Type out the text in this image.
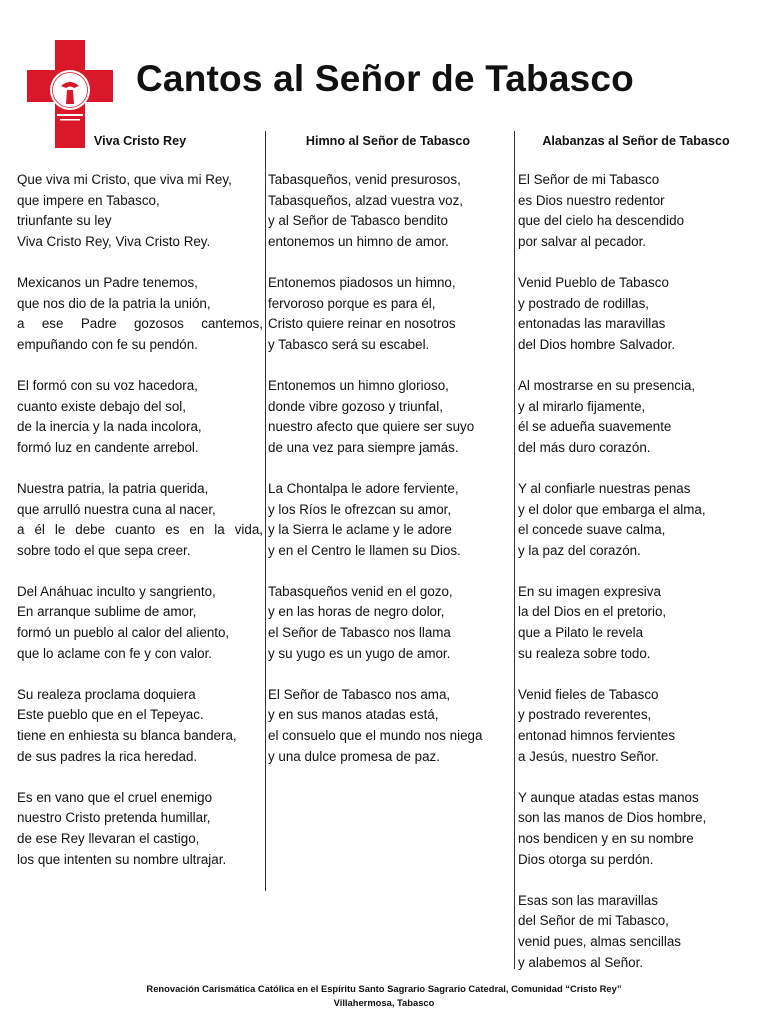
Cantos al Señor de Tabasco
Viva Cristo Rey
Que viva mi Cristo, que viva mi Rey,
que impere en Tabasco,
triunfante su ley
Viva Cristo Rey, Viva Cristo Rey.
Mexicanos un Padre tenemos,
que nos dio de la patria la unión,
a ese Padre gozosos cantemos,
empuñando con fe su pendón.
El formó con su voz hacedora,
cuanto existe debajo del sol,
de la inercia y la nada incolora,
formó luz en candente arrebol.
Nuestra patria, la patria querida,
que arrulló nuestra cuna al nacer,
a él le debe cuanto es en la vida,
sobre todo el que sepa creer.
Del Anáhuac inculto y sangriento,
En arranque sublime de amor,
formó un pueblo al calor del aliento,
que lo aclame con fe y con valor.
Su realeza proclama doquiera
Este pueblo que en el Tepeyac.
tiene en enhiesta su blanca bandera,
de sus padres la rica heredad.
Es en vano que el cruel enemigo
nuestro Cristo pretenda humillar,
de ese Rey llevaran el castigo,
los que intenten su nombre ultrajar.
Himno al Señor de Tabasco
Tabasqueños, venid presurosos,
Tabasqueños, alzad vuestra voz,
y al Señor de Tabasco bendito
entonemos un himno de amor.
Entonemos piadosos un himno,
fervoroso porque es para él,
Cristo quiere reinar en nosotros
y Tabasco será su escabel.
Entonemos un himno glorioso,
donde vibre gozoso y triunfal,
nuestro afecto que quiere ser suyo
de una vez para siempre jamás.
La Chontalpa le adore ferviente,
y los Ríos le ofrezcan su amor,
y la Sierra le aclame y le adore
y en el Centro le llamen su Dios.
Tabasqueños venid en el gozo,
y en las horas de negro dolor,
el Señor de Tabasco nos llama
y su yugo es un yugo de amor.
El Señor de Tabasco nos ama,
y en sus manos atadas está,
el consuelo que el mundo nos niega
y una dulce promesa de paz.
Alabanzas al Señor de Tabasco
El Señor de mi Tabasco
es Dios nuestro redentor
que del cielo ha descendido
por salvar al pecador.
Venid Pueblo de Tabasco
y postrado de rodillas,
entonadas las maravillas
del Dios hombre Salvador.
Al mostrarse en su presencia,
y al mirarlo fijamente,
él se adueña suavemente
del más duro corazón.
Y al confiarle nuestras penas
y el dolor que embarga el alma,
el concede suave calma,
y la paz del corazón.
En su imagen expresiva
la del Dios en el pretorio,
que a Pilato le revela
su realeza sobre todo.
Venid fieles de Tabasco
y postrado reverentes,
entonad himnos fervientes
a Jesús, nuestro Señor.
Y aunque atadas estas manos
son las manos de Dios hombre,
nos bendicen y en su nombre
Dios otorga su perdón.
Esas son las maravillas
del Señor de mi Tabasco,
venid pues, almas sencillas
y alabemos al Señor.
Renovación Carismática Católica en el Espíritu Santo Sagrario Sagrario Catedral, Comunidad “Cristo Rey”
Villahermosa, Tabasco
